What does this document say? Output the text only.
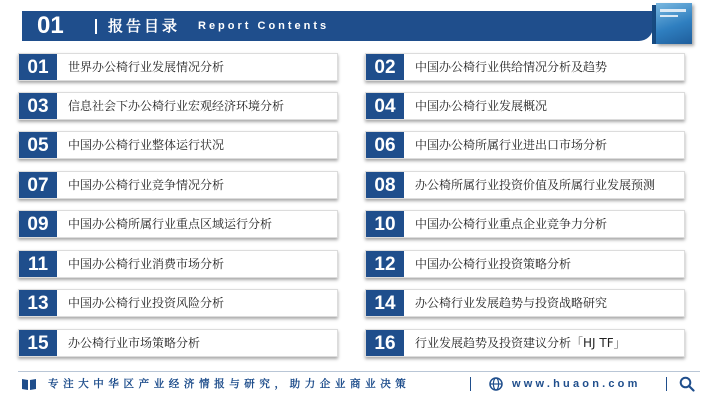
01	报告目录 Report Contents
01	世界办公椅行业发展情况分析
03	信息社会下办公椅行业宏观经济环境分析
05	中国办公椅行业整体运行状况
07	中国办公椅行业竞争情况分析
09	中国办公椅所属行业重点区域运行分析
11	中国办公椅行业消费市场分析
13	中国办公椅行业投资风险分析
15	办公椅行业市场策略分析
02	中国办公椅行业供给情况分析及趋势
04	中国办公椅行业发展概况
06	中国办公椅所属行业进出口市场分析
08	办公椅所属行业投资价值及所属行业发展预测
10	中国办公椅行业重点企业竞争力分析
12	中国办公椅行业投资策略分析
14	办公椅行业发展趋势与投资战略研究
16	行业发展趋势及投资建议分析「HJ TF」
专注大中华区产业经济情报与研究，助力企业商业决策	www.huaon.com
